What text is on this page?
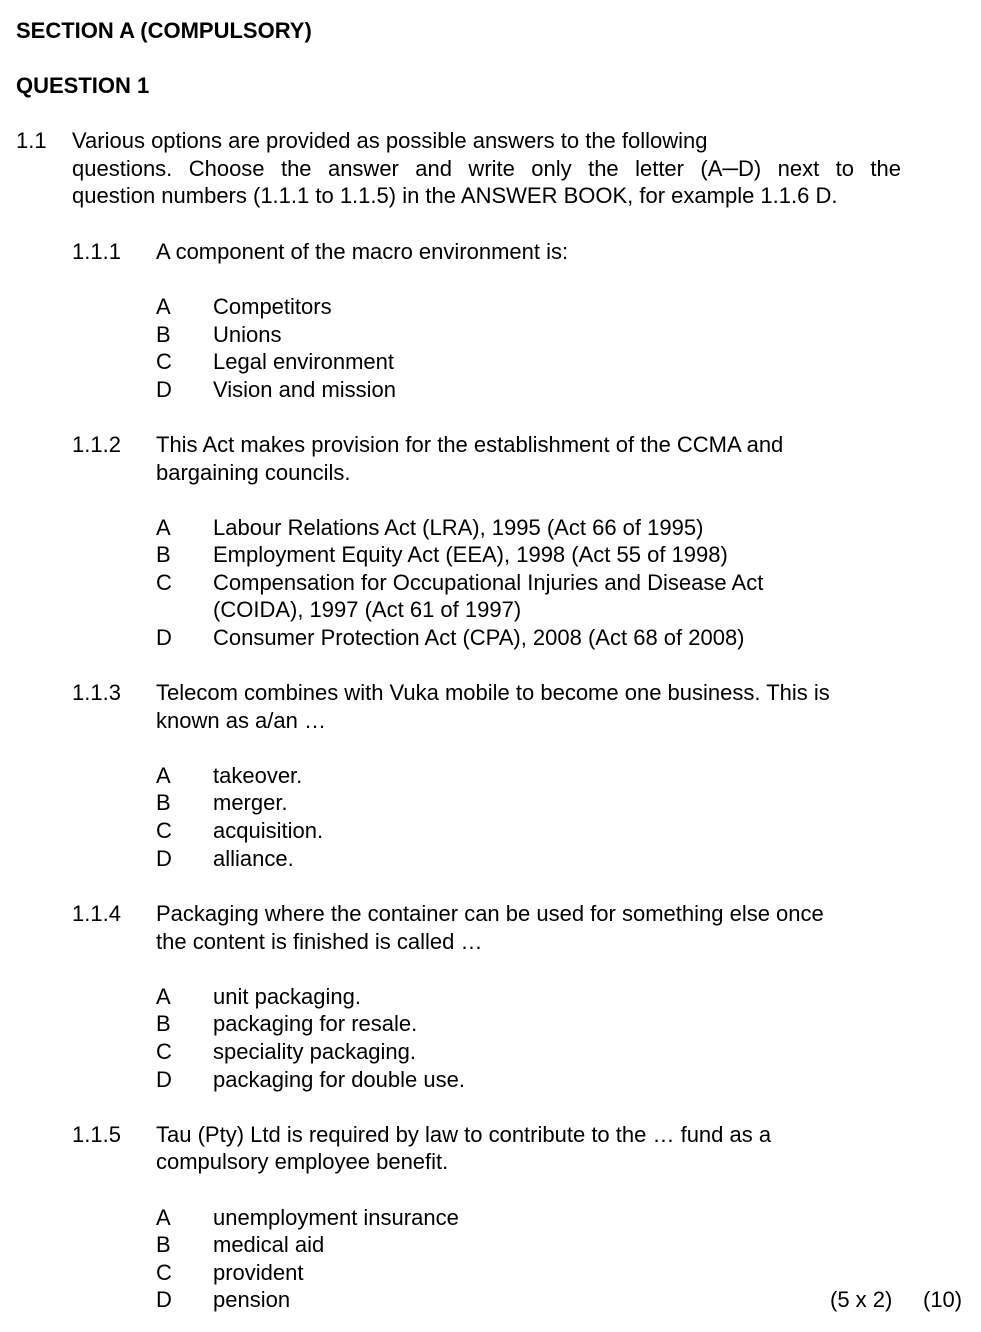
SECTION A (COMPULSORY)
QUESTION 1
1.1 Various options are provided as possible answers to the following
questions. Choose the answer and write only the letter (A─D) next to the
question numbers (1.1.1 to 1.1.5) in the ANSWER BOOK, for example 1.1.6 D.
1.1.1 A component of the macro environment is:
A Competitors
B Unions
C Legal environment
D Vision and mission
1.1.2 This Act makes provision for the establishment of the CCMA and
bargaining councils.
A Labour Relations Act (LRA), 1995 (Act 66 of 1995)
B Employment Equity Act (EEA), 1998 (Act 55 of 1998)
C Compensation for Occupational Injuries and Disease Act
(COIDA), 1997 (Act 61 of 1997)
D Consumer Protection Act (CPA), 2008 (Act 68 of 2008)
1.1.3 Telecom combines with Vuka mobile to become one business. This is
known as a/an …
A takeover.
B merger.
C acquisition.
D alliance.
1.1.4 Packaging where the container can be used for something else once
the content is finished is called …
A unit packaging.
B packaging for resale.
C speciality packaging.
D packaging for double use.
1.1.5 Tau (Pty) Ltd is required by law to contribute to the … fund as a
compulsory employee benefit.
A unemployment insurance
B medical aid
C provident
D pension	(5 x 2) (10)
